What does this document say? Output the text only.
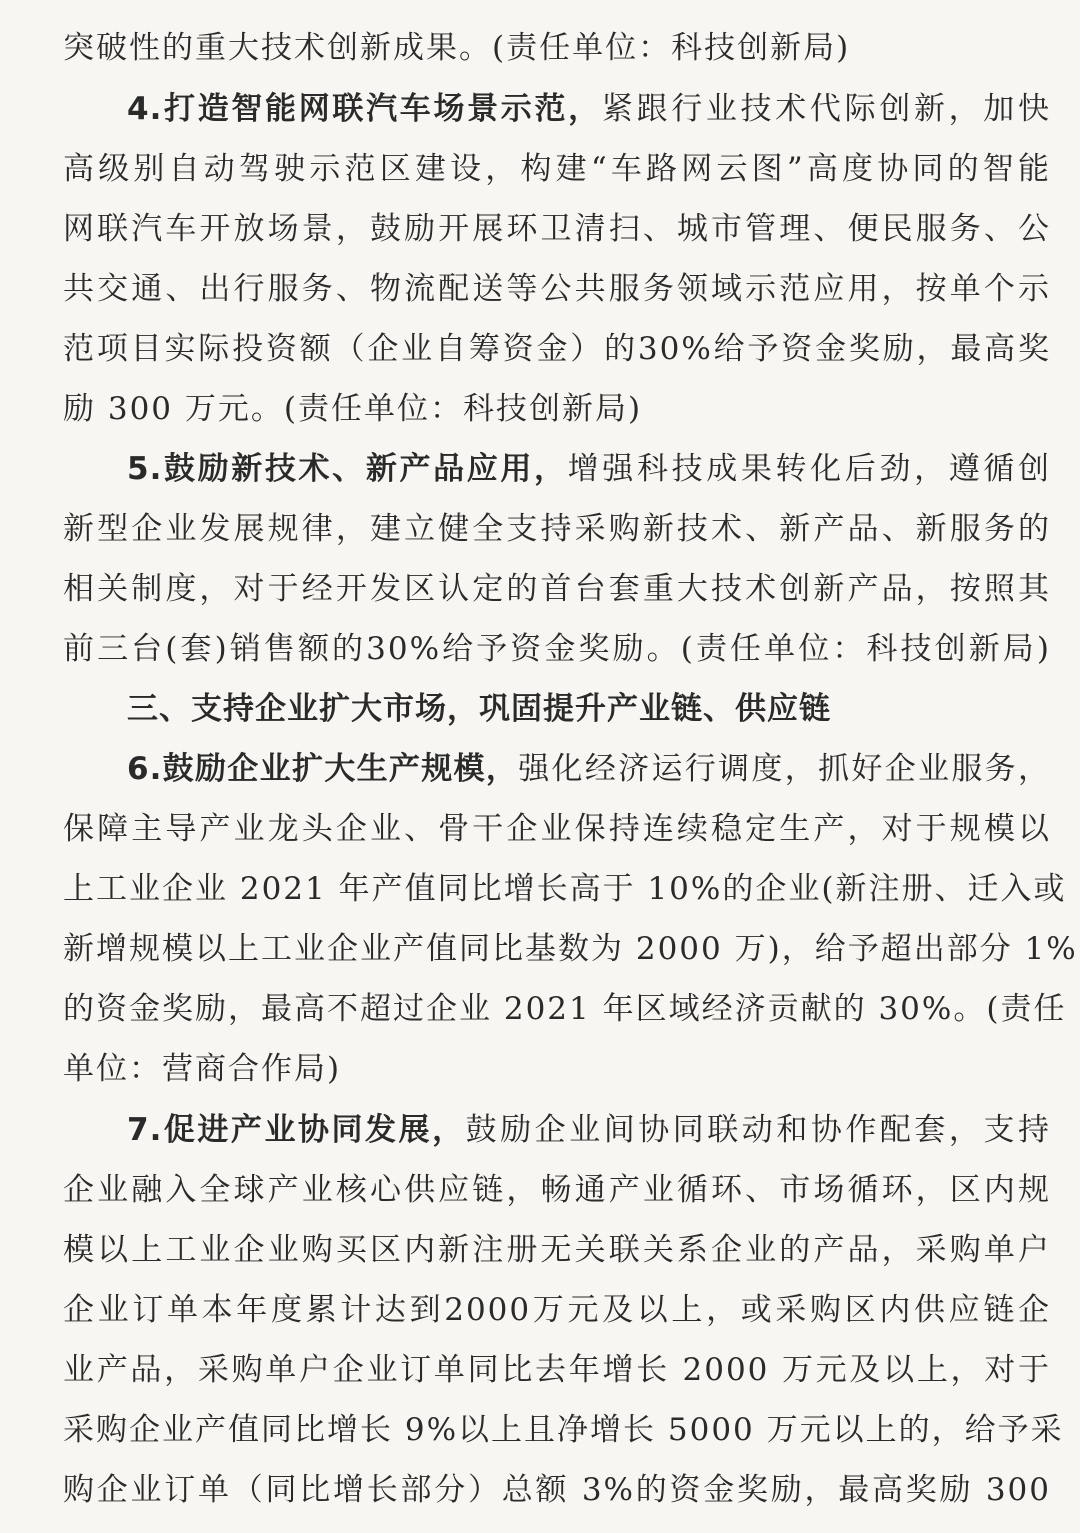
突破性的重大技术创新成果。(责任单位：科技创新局)
4.打造智能网联汽车场景示范，紧跟行业技术代际创新，加快
高级别自动驾驶示范区建设，构建“车路网云图”高度协同的智能
网联汽车开放场景，鼓励开展环卫清扫、城市管理、便民服务、公
共交通、出行服务、物流配送等公共服务领域示范应用，按单个示
范项目实际投资额（企业自筹资金）的30%给予资金奖励，最高奖
励 300 万元。(责任单位：科技创新局)
5.鼓励新技术、新产品应用，增强科技成果转化后劲，遵循创
新型企业发展规律，建立健全支持采购新技术、新产品、新服务的
相关制度，对于经开发区认定的首台套重大技术创新产品，按照其
前三台(套)销售额的30%给予资金奖励。(责任单位：科技创新局)
三、支持企业扩大市场，巩固提升产业链、供应链
6.鼓励企业扩大生产规模，强化经济运行调度，抓好企业服务，
保障主导产业龙头企业、骨干企业保持连续稳定生产，对于规模以
上工业企业 2021 年产值同比增长高于 10%的企业(新注册、迁入或
新增规模以上工业企业产值同比基数为 2000 万)，给予超出部分 1%
的资金奖励，最高不超过企业 2021 年区域经济贡献的 30%。(责任
单位：营商合作局)
7.促进产业协同发展，鼓励企业间协同联动和协作配套，支持
企业融入全球产业核心供应链，畅通产业循环、市场循环，区内规
模以上工业企业购买区内新注册无关联关系企业的产品，采购单户
企业订单本年度累计达到2000万元及以上，或采购区内供应链企
业产品，采购单户企业订单同比去年增长 2000 万元及以上，对于
采购企业产值同比增长 9%以上且净增长 5000 万元以上的，给予采
购企业订单（同比增长部分）总额 3%的资金奖励，最高奖励 300
